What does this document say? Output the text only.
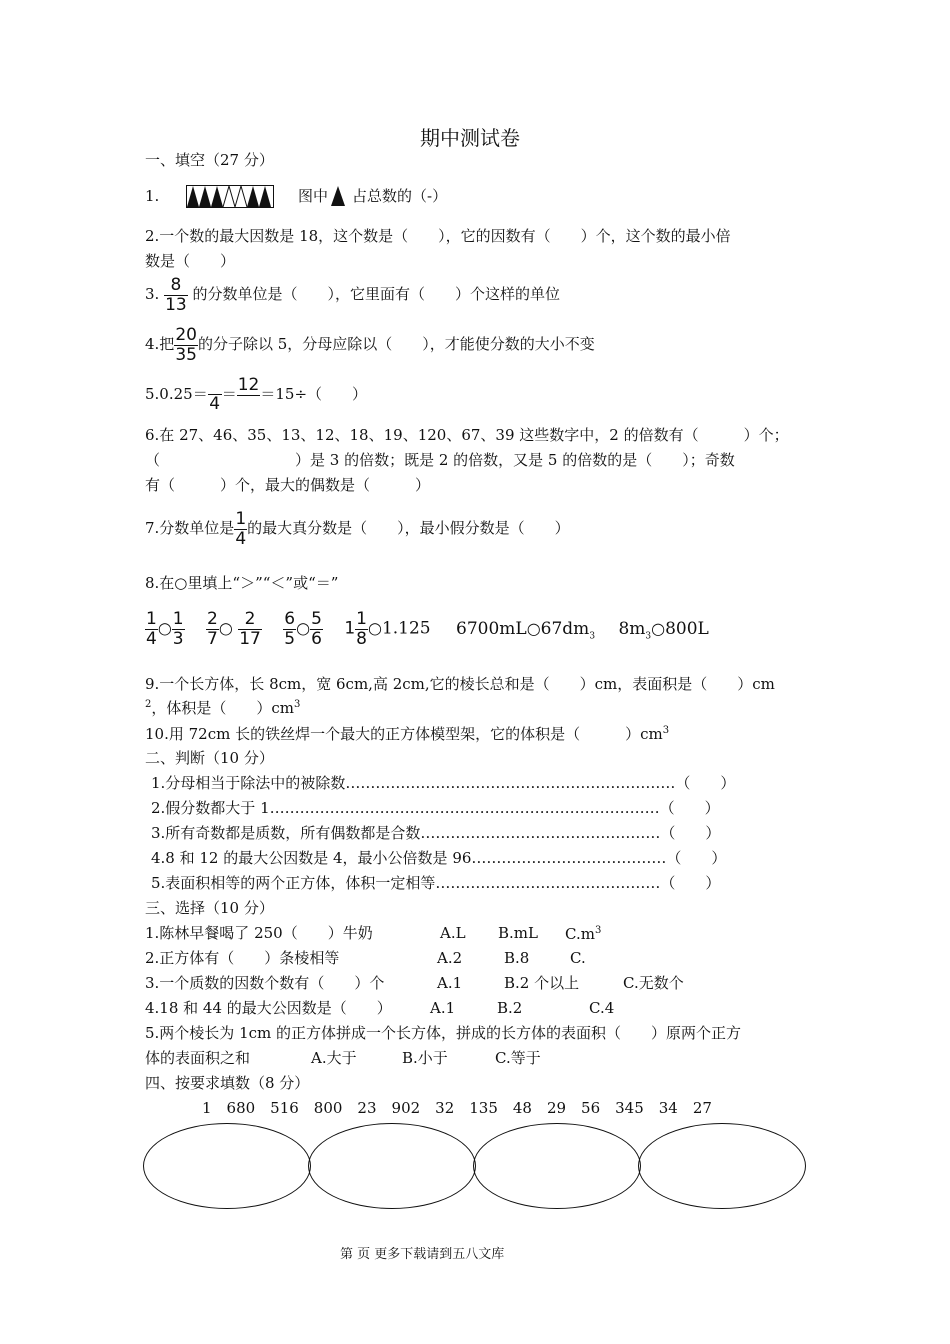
期中测试卷
一、填空（27 分）
1.	图中 占总数的（-）
2.一个数的最大因数是 18，这个数是（　　），它的因数有（　　）个，这个数的最小倍
数是（　　）
3. $\frac{8}{13}$ 的分数单位是（　　），它里面有（　　）个这样的单位
4.把 $\frac{20}{35}$ 的分子除以 5，分母应除以（　　），才能使分数的大小不变
5.0.25＝
4
＝ 12 ＝15÷（　　）
6.在 27、46、35、13、12、18、19、120、67、39 这些数字中，2 的倍数有（　　　）个；
（　　　　　　　　　）是 3 的倍数；既是 2 的倍数，又是 5 的倍数的是（　　）；奇数
有（　　　）个，最大的偶数是（　　　）
7.分数单位是 $\frac{1}{4}$ 的最大真分数是（　　），最小假分数是（　　）
8.在○里填上“＞”“＜”或“＝”
$\frac{1}{4}$ ○ $\frac{1}{3}$
$\frac{2}{7}$ ○ $\frac{2}{17}$
$\frac{6}{5}$ ○ $\frac{5}{6} 1 \frac{1}{8}$ ○1.125 $6700mL○67dm_3$ $8m_3○800L$
9.一个长方体，长 8cm，宽 6cm,高 2cm,它的棱长总和是（　　）cm，表面积是（　　）cm
$^2$，体积是（　　）$cm^3$
10.用 72cm 长的铁丝焊一个最大的正方体模型架，它的体积是（　　　）$cm^3$
二、判断（10 分）
1.分母相当于除法中的被除数…………………………………………………………（　　）
2.假分数都大于 1……………………………………………………………………（　　）
3.所有奇数都是质数，所有偶数都是合数…………………………………………（　　）
4.8 和 12 的最大公因数是 4，最小公倍数是 96…………………………………（　　）
5.表面积相等的两个正方体，体积一定相等………………………………………（　　）
三、选择（10 分）
1.陈林早餐喝了 250（　　）牛奶	A.L B.mL $C.m^3$
2.正方体有（　　）条棱相等	A.2	B.8	C.
3.一个质数的因数个数有（　　）个	A.1	B.2 个以上	C.无数个
4.18 和 44 的最大公因数是（　　）	A.1	B.2	C.4
5.两个棱长为 1cm 的正方体拼成一个长方体，拼成的长方体的表面积（　　）原两个正方
体的表面积之和	A.大于	B.小于	C.等于
四、按要求填数（8 分）
1　680　516　800　23　902　32　135　48　29　56　345　34　27
第 页 更多下载请到五八文库
